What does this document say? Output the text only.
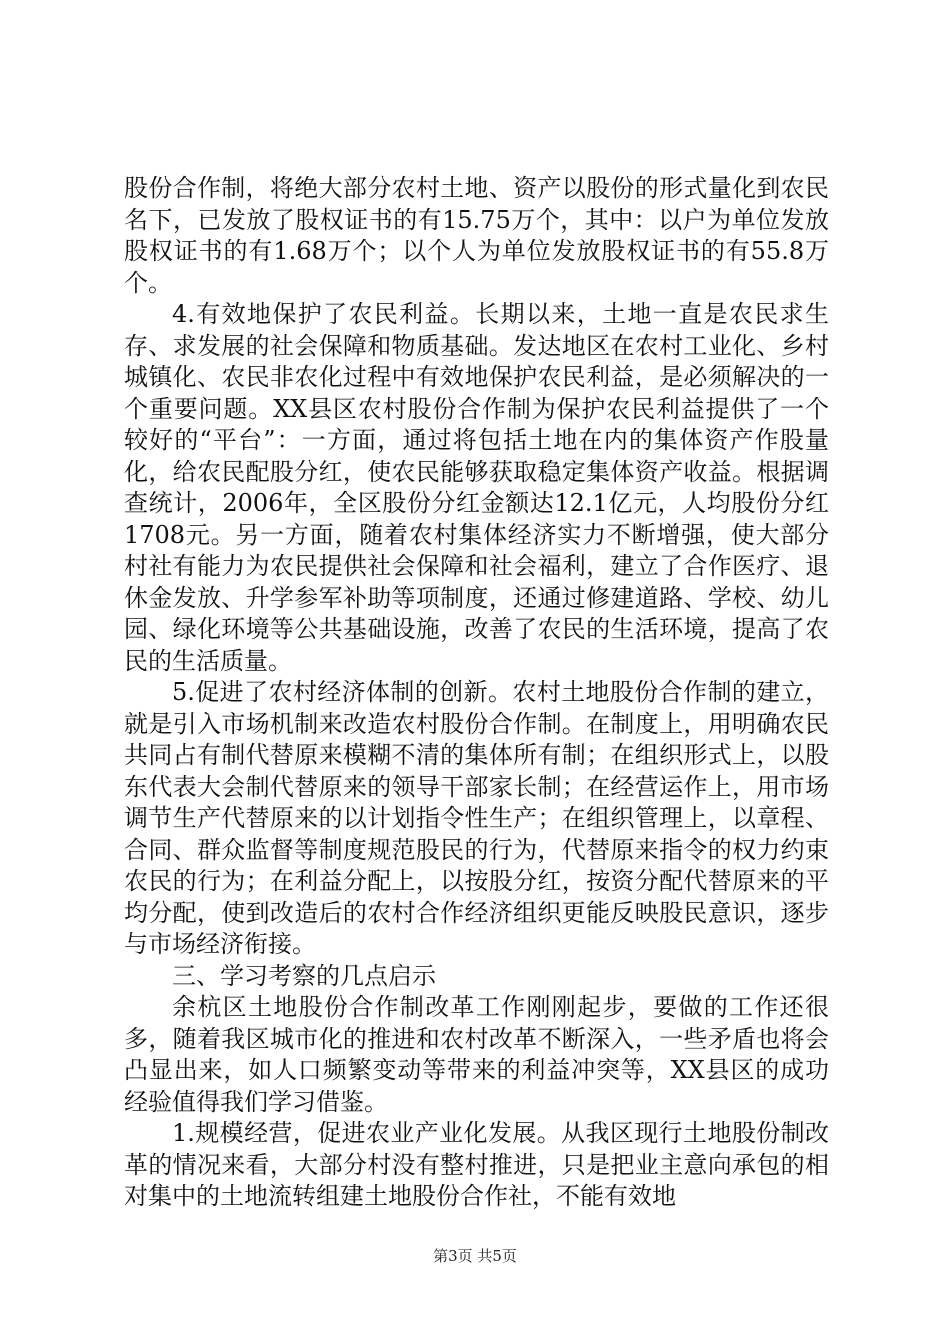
股份合作制，将绝大部分农村土地、资产以股份的形式量化到农民名下，已发放了股权证书的有15.75万个，其中：以户为单位发放股权证书的有1.68万个；以个人为单位发放股权证书的有55.8万个。

4.有效地保护了农民利益。长期以来，土地一直是农民求生存、求发展的社会保障和物质基础。发达地区在农村工业化、乡村城镇化、农民非农化过程中有效地保护农民利益，是必须解决的一个重要问题。XX县区农村股份合作制为保护农民利益提供了一个较好的“平台”：一方面，通过将包括土地在内的集体资产作股量化，给农民配股分红，使农民能够获取稳定集体资产收益。根据调查统计，2006年，全区股份分红金额达12.1亿元，人均股份分红1708元。另一方面，随着农村集体经济实力不断增强，使大部分村社有能力为农民提供社会保障和社会福利，建立了合作医疗、退休金发放、升学参军补助等项制度，还通过修建道路、学校、幼儿园、绿化环境等公共基础设施，改善了农民的生活环境，提高了农民的生活质量。

5.促进了农村经济体制的创新。农村土地股份合作制的建立，就是引入市场机制来改造农村股份合作制。在制度上，用明确农民共同占有制代替原来模糊不清的集体所有制；在组织形式上，以股东代表大会制代替原来的领导干部家长制；在经营运作上，用市场调节生产代替原来的以计划指令性生产；在组织管理上，以章程、合同、群众监督等制度规范股民的行为，代替原来指令的权力约束农民的行为；在利益分配上，以按股分红，按资分配代替原来的平均分配，使到改造后的农村合作经济组织更能反映股民意识，逐步与市场经济衔接。

三、学习考察的几点启示

余杭区土地股份合作制改革工作刚刚起步，要做的工作还很多，随着我区城市化的推进和农村改革不断深入，一些矛盾也将会凸显出来，如人口频繁变动等带来的利益冲突等，XX县区的成功经验值得我们学习借鉴。

1.规模经营，促进农业产业化发展。从我区现行土地股份制改革的情况来看，大部分村没有整村推进，只是把业主意向承包的相对集中的土地流转组建土地股份合作社，不能有效地

第3页 共5页
